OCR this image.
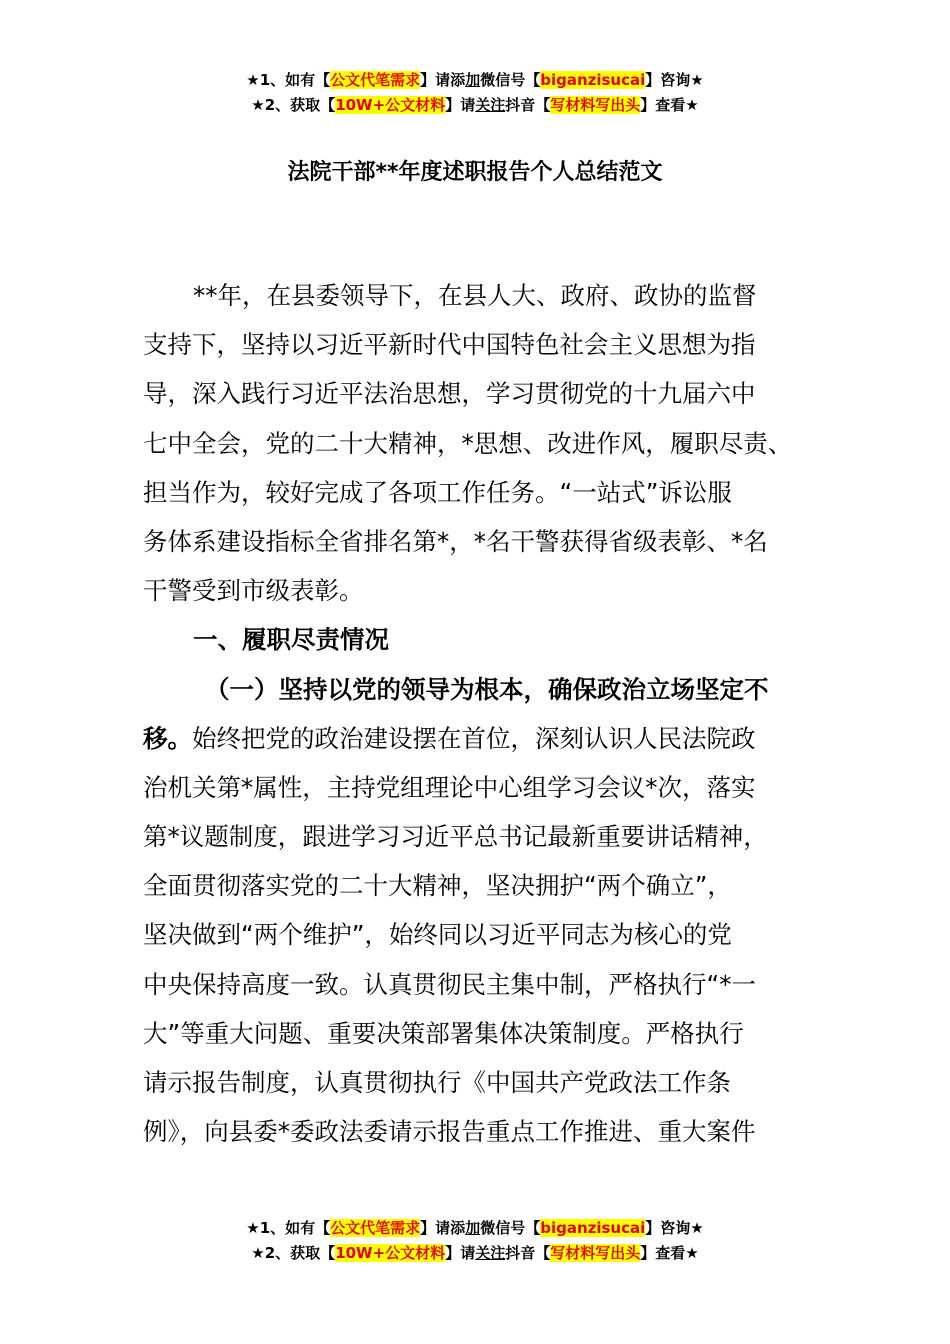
★1、如有【公文代笔需求】请添加微信号【biganzisucai】咨询★
★2、获取【10W+公文材料】请关注抖音【写材料写出头】查看★
法院干部**年度述职报告个人总结范文
**年，在县委领导下，在县人大、政府、政协的监督
支持下，坚持以习近平新时代中国特色社会主义思想为指
导，深入践行习近平法治思想，学习贯彻党的十九届六中
七中全会，党的二十大精神，*思想、改进作风，履职尽责、
担当作为，较好完成了各项工作任务。“一站式”诉讼服
务体系建设指标全省排名第*，*名干警获得省级表彰、*名
干警受到市级表彰。
一、履职尽责情况
（一）坚持以党的领导为根本，确保政治立场坚定不
移。始终把党的政治建设摆在首位，深刻认识人民法院政
治机关第*属性，主持党组理论中心组学习会议*次，落实
第*议题制度，跟进学习习近平总书记最新重要讲话精神，
全面贯彻落实党的二十大精神，坚决拥护“两个确立”，
坚决做到“两个维护”，始终同以习近平同志为核心的党
中央保持高度一致。认真贯彻民主集中制，严格执行“*一
大”等重大问题、重要决策部署集体决策制度。严格执行
请示报告制度，认真贯彻执行《中国共产党政法工作条
例》，向县委*委政法委请示报告重点工作推进、重大案件
★1、如有【公文代笔需求】请添加微信号【biganzisucai】咨询★
★2、获取【10W+公文材料】请关注抖音【写材料写出头】查看★
